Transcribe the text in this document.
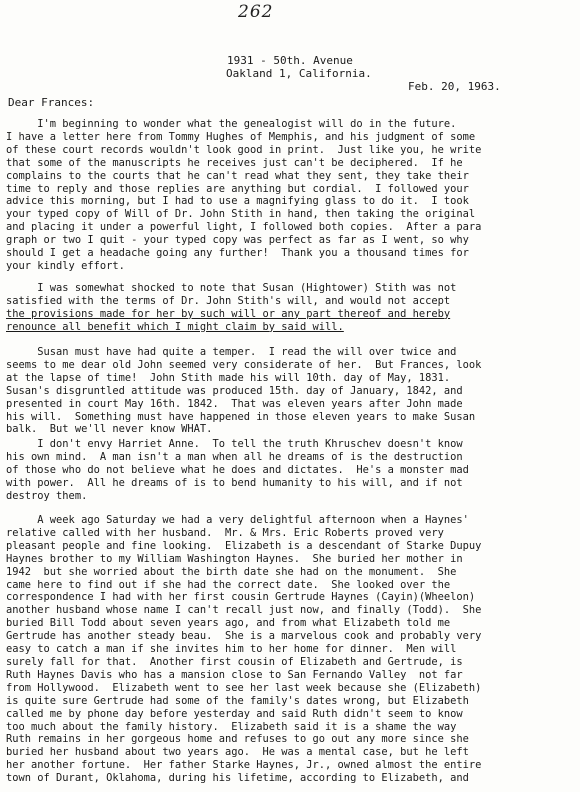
262
1931 - 50th. Avenue
Oakland 1, California.
Feb. 20, 1963.
Dear Frances:
I'm beginning to wonder what the genealogist will do in the future.
I have a letter here from Tommy Hughes of Memphis, and his judgment of some
of these court records wouldn't look good in print.  Just like you, he write
that some of the manuscripts he receives just can't be deciphered.  If he
complains to the courts that he can't read what they sent, they take their
time to reply and those replies are anything but cordial.  I followed your
advice this morning, but I had to use a magnifying glass to do it.  I took
your typed copy of Will of Dr. John Stith in hand, then taking the original
and placing it under a powerful light, I followed both copies.  After a para
graph or two I quit - your typed copy was perfect as far as I went, so why
should I get a headache going any further!  Thank you a thousand times for
your kindly effort.
I was somewhat shocked to note that Susan (Hightower) Stith was not
satisfied with the terms of Dr. John Stith's will, and would not accept
the provisions made for her by such will or any part thereof and hereby
renounce all benefit which I might claim by said will.
Susan must have had quite a temper.  I read the will over twice and
seems to me dear old John seemed very considerate of her.  But Frances, look
at the lapse of time!  John Stith made his will 10th. day of May, 1831.
Susan's disgruntled attitude was produced 15th. day of January, 1842, and
presented in court May 16th. 1842.  That was eleven years after John made
his will.  Something must have happened in those eleven years to make Susan
balk.  But we'll never know WHAT.
I don't envy Harriet Anne.  To tell the truth Khruschev doesn't know
his own mind.  A man isn't a man when all he dreams of is the destruction
of those who do not believe what he does and dictates.  He's a monster mad
with power.  All he dreams of is to bend humanity to his will, and if not
destroy them.
A week ago Saturday we had a very delightful afternoon when a Haynes'
relative called with her husband.  Mr. & Mrs. Eric Roberts proved very
pleasant people and fine looking.  Elizabeth is a descendant of Starke Dupuy
Haynes brother to my William Washington Haynes.  She buried her mother in
1942  but she worried about the birth date she had on the monument.  She
came here to find out if she had the correct date.  She looked over the
correspondence I had with her first cousin Gertrude Haynes (Cayin)(Wheelon)
another husband whose name I can't recall just now, and finally (Todd).  She
buried Bill Todd about seven years ago, and from what Elizabeth told me
Gertrude has another steady beau.  She is a marvelous cook and probably very
easy to catch a man if she invites him to her home for dinner.  Men will
surely fall for that.  Another first cousin of Elizabeth and Gertrude, is
Ruth Haynes Davis who has a mansion close to San Fernando Valley  not far
from Hollywood.  Elizabeth went to see her last week because she (Elizabeth)
is quite sure Gertrude had some of the family's dates wrong, but Elizabeth
called me by phone day before yesterday and said Ruth didn't seem to know
too much about the family history.  Elizabeth said it is a shame the way
Ruth remains in her gorgeous home and refuses to go out any more since she
buried her husband about two years ago.  He was a mental case, but he left
her another fortune.  Her father Starke Haynes, Jr., owned almost the entire
town of Durant, Oklahoma, during his lifetime, according to Elizabeth, and
